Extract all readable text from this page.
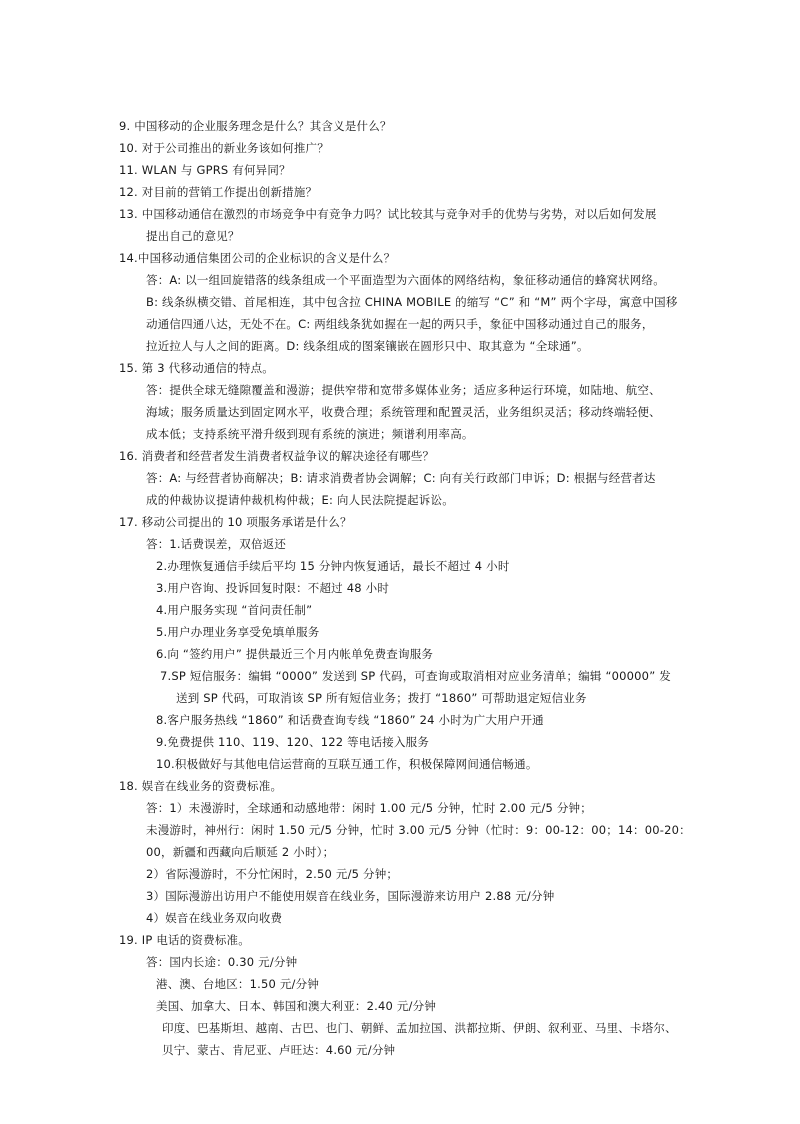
9. 中国移动的企业服务理念是什么？其含义是什么？
10. 对于公司推出的新业务该如何推广？
11. WLAN 与 GPRS 有何异同？
12. 对目前的营销工作提出创新措施？
13. 中国移动通信在激烈的市场竞争中有竞争力吗？试比较其与竞争对手的优势与劣势，对以后如何发展
提出自己的意见？
14.中国移动通信集团公司的企业标识的含义是什么？
答：A: 以一组回旋错落的线条组成一个平面造型为六面体的网络结构，象征移动通信的蜂窝状网络。
B: 线条纵横交错、首尾相连，其中包含拉 CHINA MOBILE 的缩写 “C” 和 “M” 两个字母，寓意中国移
动通信四通八达，无处不在。C: 两组线条犹如握在一起的两只手，象征中国移动通过自己的服务，
拉近拉人与人之间的距离。D: 线条组成的图案镶嵌在圆形只中、取其意为 “全球通”。
15. 第 3 代移动通信的特点。
答：提供全球无缝隙覆盖和漫游；提供窄带和宽带多媒体业务；适应多种运行环境，如陆地、航空、
海域；服务质量达到固定网水平，收费合理；系统管理和配置灵活，业务组织灵活；移动终端轻便、
成本低；支持系统平滑升级到现有系统的演进；频谱利用率高。
16. 消费者和经营者发生消费者权益争议的解决途径有哪些？
答：A: 与经营者协商解决；B: 请求消费者协会调解；C: 向有关行政部门申诉；D: 根据与经营者达
成的仲裁协议提请仲裁机构仲裁；E: 向人民法院提起诉讼。
17. 移动公司提出的 10 项服务承诺是什么？
答：1.话费误差，双倍返还
2.办理恢复通信手续后平均 15 分钟内恢复通话，最长不超过 4 小时
3.用户咨询、投诉回复时限：不超过 48 小时
4.用户服务实现 “首问责任制”
5.用户办理业务享受免填单服务
6.向 “签约用户” 提供最近三个月内帐单免费查询服务
7.SP 短信服务：编辑 “0000” 发送到 SP 代码，可查询或取消相对应业务清单；编辑 “00000” 发
送到 SP 代码，可取消该 SP 所有短信业务；拨打 “1860” 可帮助退定短信业务
8.客户服务热线 “1860” 和话费查询专线 “1860” 24 小时为广大用户开通
9.免费提供 110、119、120、122 等电话接入服务
10.积极做好与其他电信运营商的互联互通工作，积极保障网间通信畅通。
18. 娱音在线业务的资费标准。
答：1）未漫游时，全球通和动感地带：闲时 1.00 元/5 分钟，忙时 2.00 元/5 分钟；
未漫游时，神州行：闲时 1.50 元/5 分钟，忙时 3.00 元/5 分钟（忙时：9：00-12：00；14：00-20：
00，新疆和西藏向后顺延 2 小时）；
2）省际漫游时，不分忙闲时，2.50 元/5 分钟；
3）国际漫游出访用户不能使用娱音在线业务，国际漫游来访用户 2.88 元/分钟
4）娱音在线业务双向收费
19. IP 电话的资费标准。
答：国内长途：0.30 元/分钟
港、澳、台地区：1.50 元/分钟
美国、加拿大、日本、韩国和澳大利亚：2.40 元/分钟
印度、巴基斯坦、越南、古巴、也门、朝鲜、孟加拉国、洪都拉斯、伊朗、叙利亚、马里、卡塔尔、
贝宁、蒙古、肯尼亚、卢旺达：4.60 元/分钟
